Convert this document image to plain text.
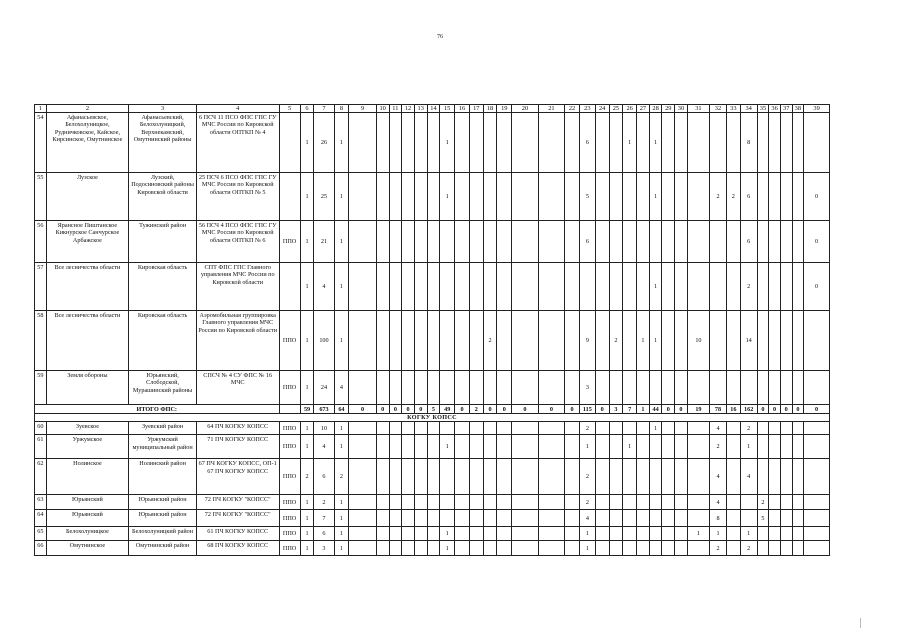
76
1	2	3	4	5	6	7	8	9	10	11	12	13	14	15	16	17	18	19	20	21	22	23	24	25	26	27	28	29	30	31	32	33	34	35	36	37	38	39
54	Афанасьевское, Белохолуницкое, Рудничковское, Кайское, Кирсинское, Омутнинское	Афанасьевский, Белохолуницкий, Верхнекамский, Омутнинский районы	6 ПСЧ 11 ПСО ФПС ГПС ГУ МЧС России по Кировской области ОПТКП № 4		1	26	1							1								6			1		1						8					
55	Лузское	Лузский, Подосиновский районы Кировской области	25 ПСЧ 6 ПСО ФПС ГПС ГУ МЧС России по Кировской области ОПТКП № 5		1	25	1							1								5					1				2	2	6					0
56	Ярансное Пиштанское Кикнурское Санчурское Арбажское	Тужинский район	56 ПСЧ 4 ПСО ФПС ГПС ГУ МЧС России по Кировской области ОПТКП № 6	ППО	1	21	1															6											6					0
57	Все лесничества области	Кировская область	СПТ ФПС ГПС Главного управления МЧС России по Кировской области		1	4	1																				1						2					0
58	Все лесничества области	Кировская область	Аэромобильная группировка Главного управления МЧС России по Кировской области	ППО	1	100	1										2					9		2		1	1			10			14					
59	Земля обороны	Юрьянский, Слободской, Мурашинский районы	СПСЧ № 4 СУ ФПС № 16 МЧС	ППО	1	24	4															3																
ИТОГО ФПС:					59	673	64	0	0	0	0	0	5	49	0	2	0	0	0	0	0	115	0	3	7	1	44	0	0	19	78	16	162	0	0	0	0	0
КОГКУ КОПСС																																						
60	Зуевское	Зуевский район	64 ПЧ КОГКУ КОПСС	ППО	1	10	1															2					1				4		2					
61	Уржумское	Уржумский муниципальный район	71 ПЧ КОГКУ КОПСС	ППО	1	4	1							1								1			1						2		1					
62	Нолинское	Нолинский район	67 ПЧ КОГКУ КОПСС, ОП-1 67 ПЧ КОГКУ КОПСС	ППО	2	6	2															2									4		4					
63	Юрьянский	Юрьянский район	72 ПЧ КОГКУ "КОПСС"	ППО	1	2	1															2									4			2				
64	Юрьянский	Юрьянский район	72 ПЧ КОГКУ "КОПСС"	ППО	1	7	1															4									8			5				
65	Белохолуницкое	Белохолуницкий район	61 ПЧ КОГКУ КОПСС	ППО	1	6	1							1								1								1	1		1					
66	Омутнинское	Омутнинский район	68 ПЧ КОГКУ КОПСС	ППО	1	3	1							1								1									2		2					
